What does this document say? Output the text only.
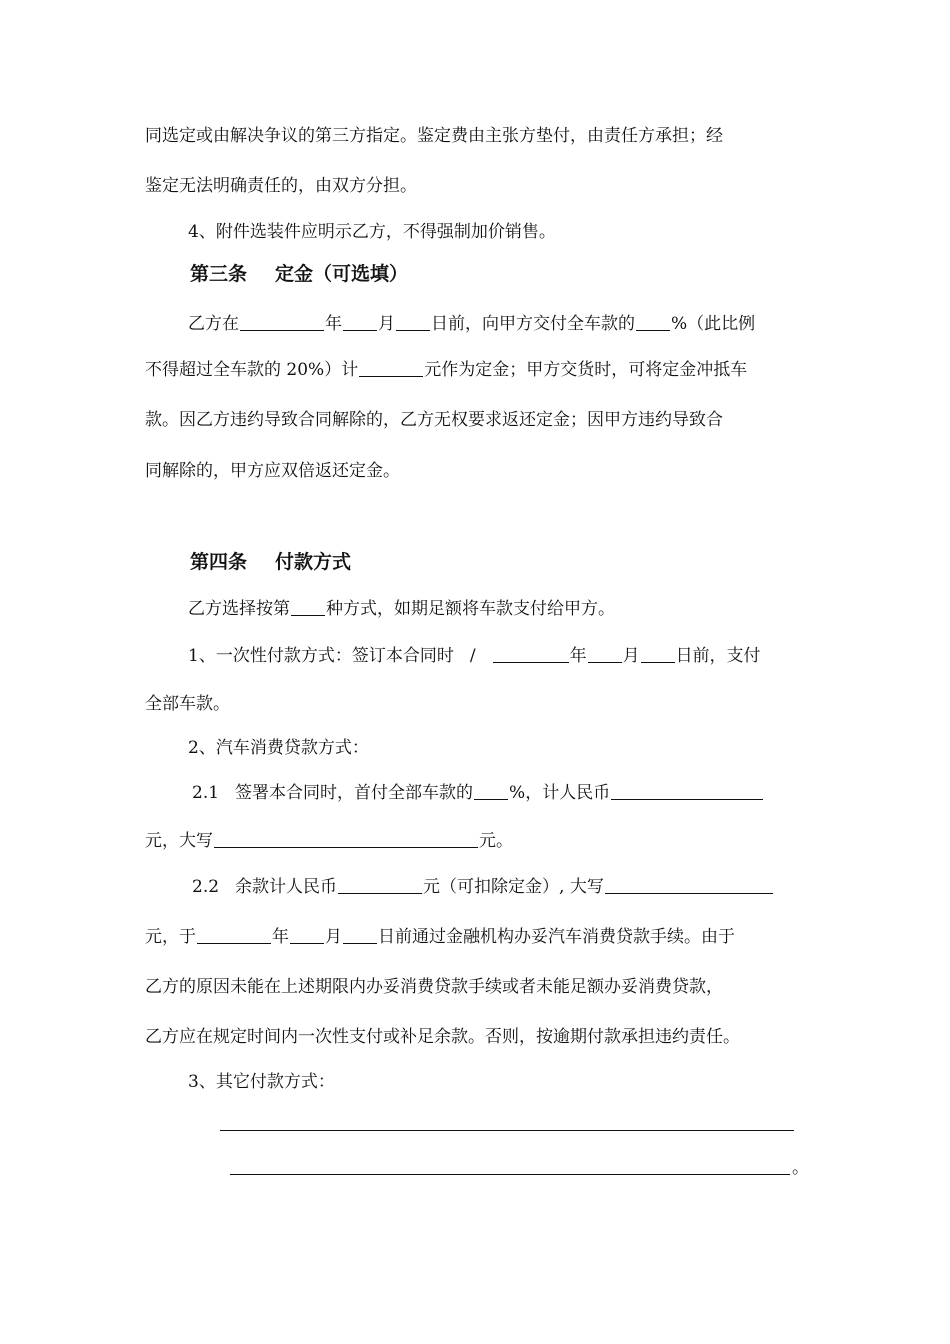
同选定或由解决争议的第三方指定。鉴定费由主张方垫付，由责任方承担；经
鉴定无法明确责任的，由双方分担。
4、附件选装件应明示乙方，不得强制加价销售。
第三条 定金（可选填）
乙方在	年 月 日前，向甲方交付全车款的 %（此比例
不得超过全车款的 20%）计	元作为定金；甲方交货时，可将定金冲抵车
款。因乙方违约导致合同解除的，乙方无权要求返还定金；因甲方违约导致合
同解除的，甲方应双倍返还定金。
第四条 付款方式
乙方选择按第 种方式，如期足额将车款支付给甲方。
1、一次性付款方式：签订本合同时 /	年 月 日前，支付
全部车款。
2、汽车消费贷款方式：
2.1 签署本合同时，首付全部车款的 %，计人民币
元，大写	元。
2.2 余款计人民币	元（可扣除定金）, 大写
元，于	年 月 日前通过金融机构办妥汽车消费贷款手续。由于
乙方的原因未能在上述期限内办妥消费贷款手续或者未能足额办妥消费贷款，
乙方应在规定时间内一次性支付或补足余款。否则，按逾期付款承担违约责任。
3、其它付款方式：
。
